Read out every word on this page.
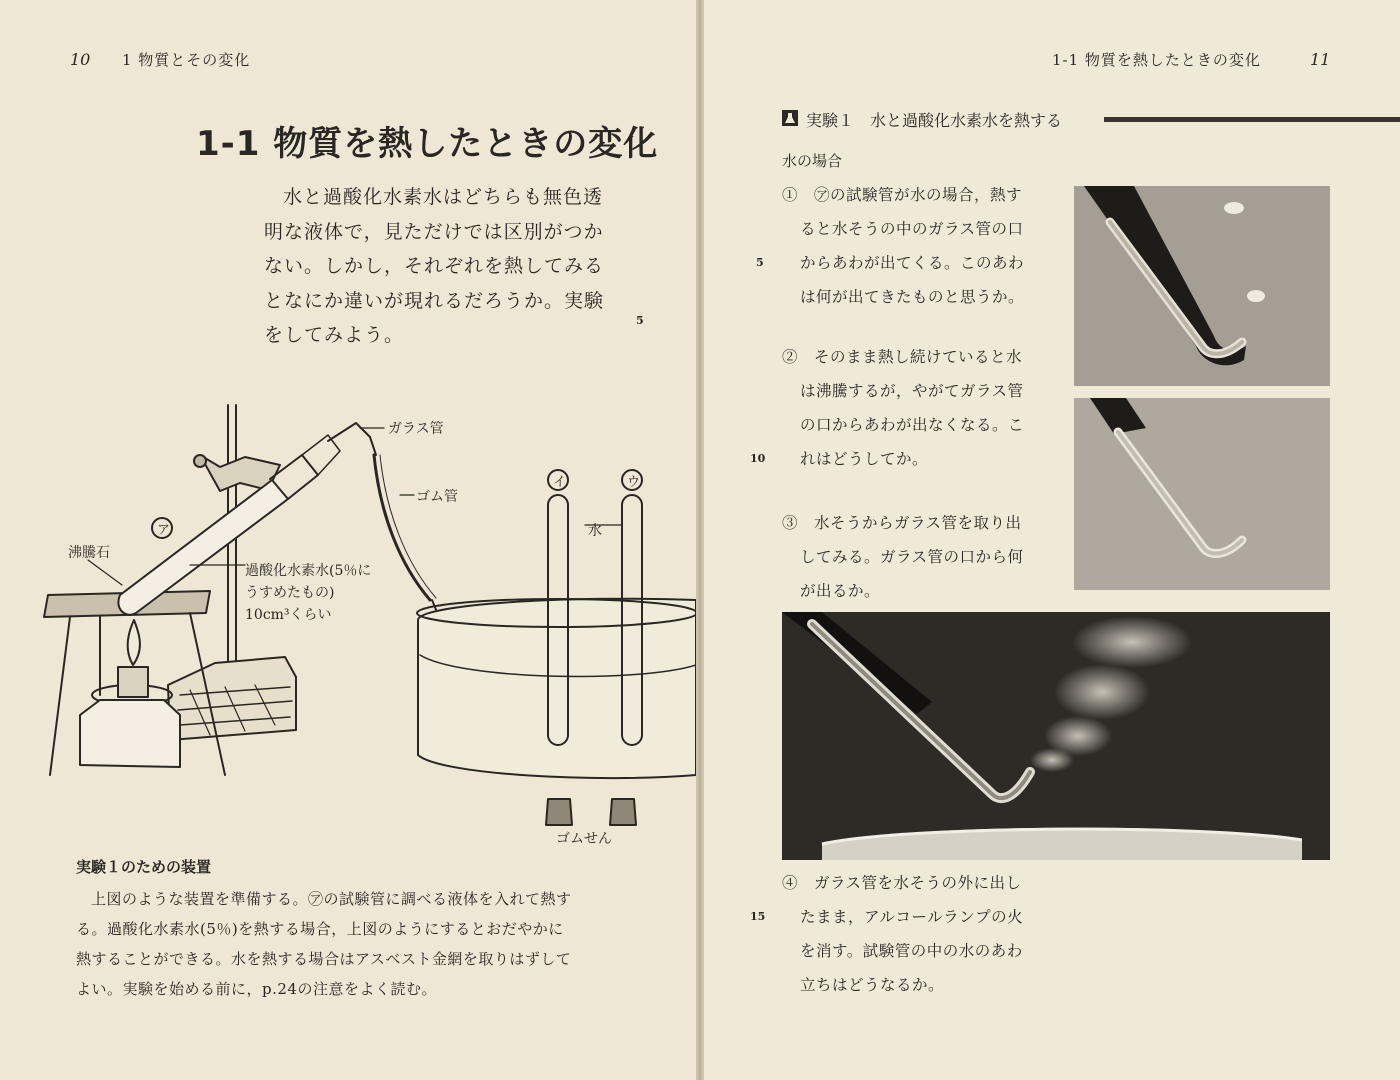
10 1 物質とその変化
1-1 物質を熱したときの変化
水と過酸化水素水はどちらも無色透
明な液体で，見ただけでは区別がつか
ない。しかし，それぞれを熱してみる
となにか違いが現れるだろうか。実験
をしてみよう。
5
ガラス管
ゴム管
沸騰石
ア
イ	ウ
水
過酸化水素水(5％に
うすめたもの)
10cm³くらい
ゴムせん
実験１のための装置
上図のような装置を準備する。㋐の試験管に調べる液体を入れて熱す
る。過酸化水素水(5％)を熱する場合，上図のようにするとおだやかに
熱することができる。水を熱する場合はアスベスト金網を取りはずして
よい。実験を始める前に，p.24の注意をよく読む。
1-1 物質を熱したときの変化	11
実験１　水と過酸化水素水を熱する
水の場合
5
10
15
①　㋐の試験管が水の場合，熱す
ると水そうの中のガラス管の口
からあわが出てくる。このあわ
は何が出てきたものと思うか。
②　そのまま熱し続けていると水
は沸騰するが，やがてガラス管
の口からあわが出なくなる。こ
れはどうしてか。
③　水そうからガラス管を取り出
してみる。ガラス管の口から何
が出るか。
④　ガラス管を水そうの外に出し
たまま，アルコールランプの火
を消す。試験管の中の水のあわ
立ちはどうなるか。
